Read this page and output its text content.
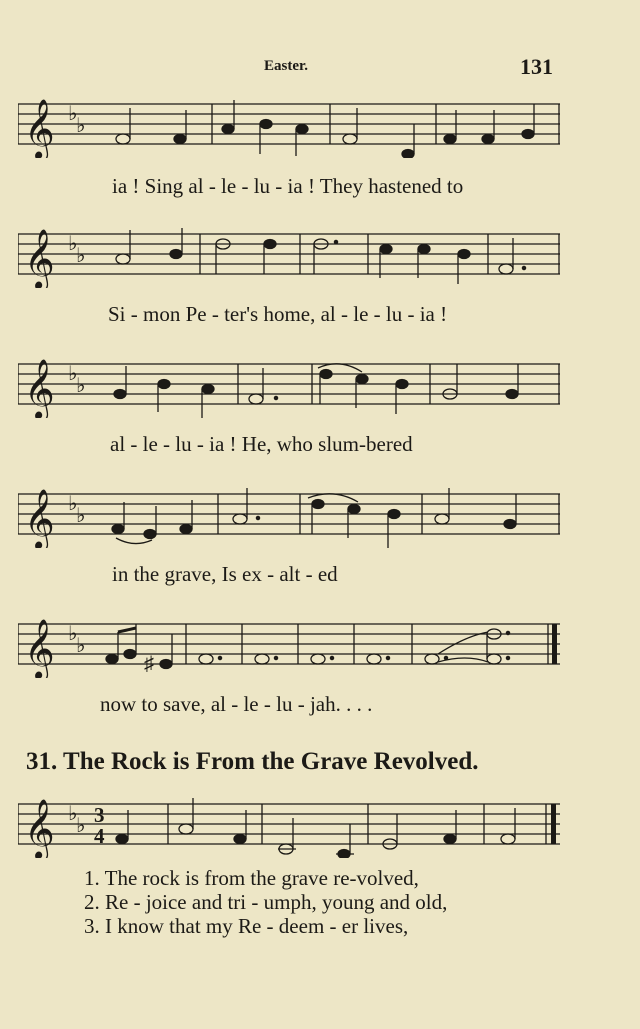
Easter.	131
𝄞 ♭
♭
ia ! Sing al - le - lu - ia ! They hastened to
𝄞 ♭
♭
Si - mon Pe - ter's home, al - le - lu - ia !
𝄞 ♭
♭
al - le - lu - ia ! He, who slum-bered
𝄞 ♭
♭
in the grave, Is ex - alt - ed
𝄞 ♭
♭
♯
now to save, al - le - lu - jah. . . .
31. The Rock is From the Grave Revolved.
𝄞 ♭
♭ 3
4
1. The rock is from the grave re-volved,
2. Re - joice and tri - umph, young and old,
3. I know that my Re - deem - er lives,
